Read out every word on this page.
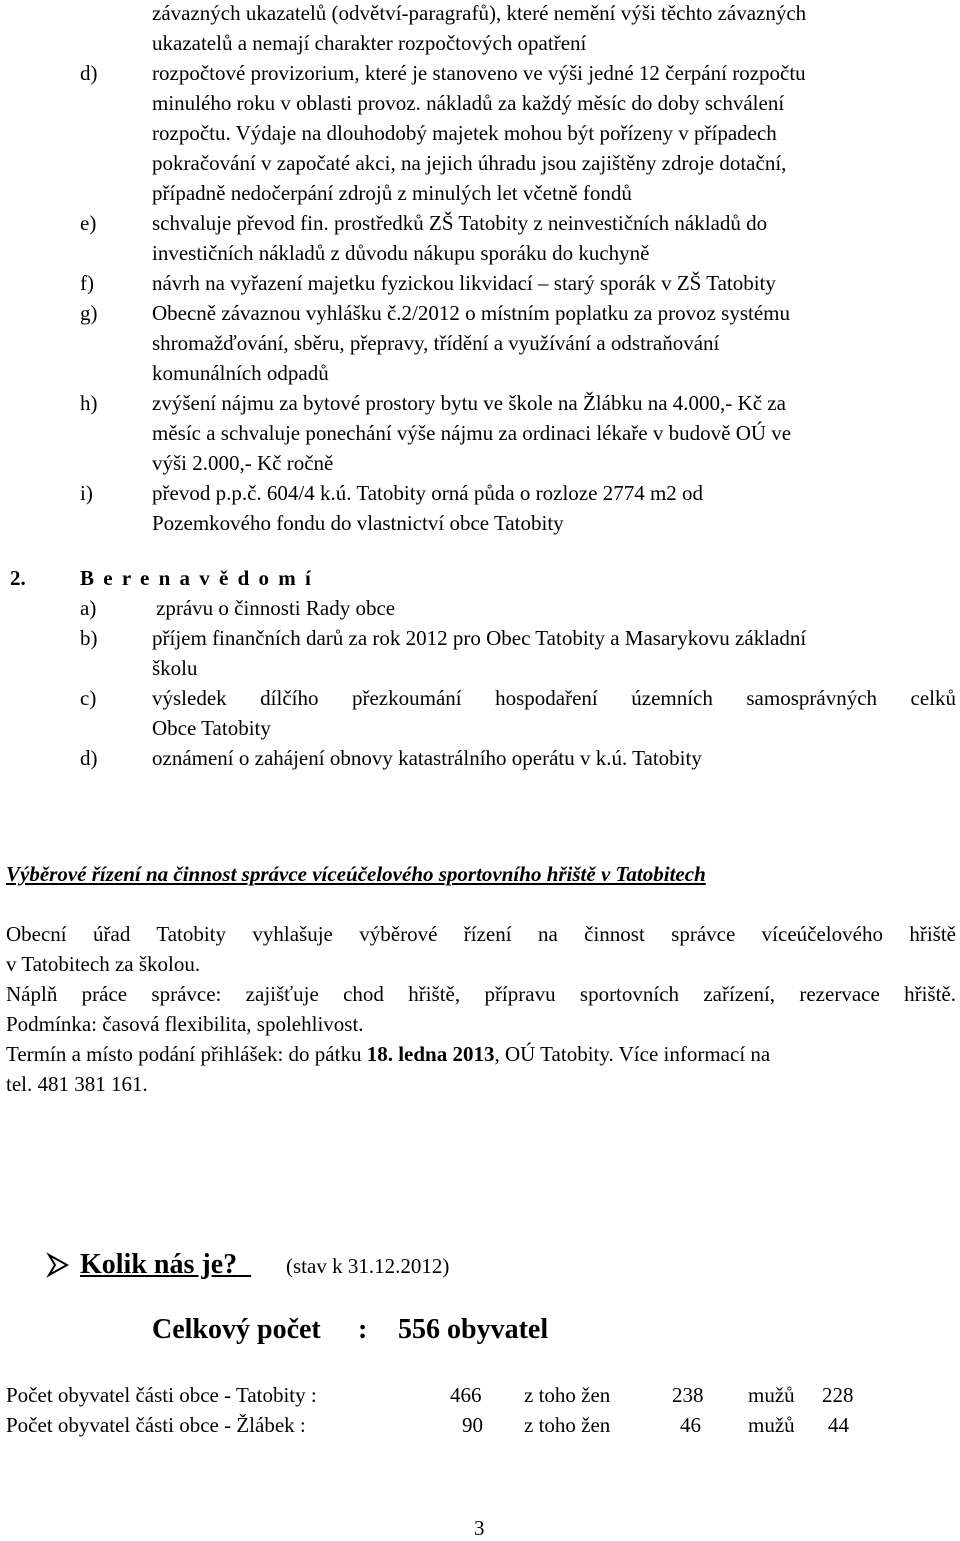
závazných ukazatelů (odvětví-paragrafů), které nemění výši těchto závazných
ukazatelů a nemají charakter rozpočtových opatření
d)	rozpočtové provizorium, které je stanoveno ve výši jedné 12 čerpání rozpočtu
minulého roku v oblasti provoz. nákladů za každý měsíc do doby schválení
rozpočtu. Výdaje na dlouhodobý majetek mohou být pořízeny v případech
pokračování v započaté akci, na jejich úhradu jsou zajištěny zdroje dotační,
případně nedočerpání zdrojů z minulých let včetně fondů
e)	schvaluje převod fin. prostředků ZŠ Tatobity z neinvestičních nákladů do
investičních nákladů z důvodu nákupu sporáku do kuchyně
f)	návrh na vyřazení majetku fyzickou likvidací – starý sporák v ZŠ Tatobity
g)	Obecně závaznou vyhlášku č.2/2012 o místním poplatku za provoz systému
shromažďování, sběru, přepravy, třídění a využívání a odstraňování
komunálních odpadů
h)	zvýšení nájmu za bytové prostory bytu ve škole na Žlábku na 4.000,- Kč za
měsíc a schvaluje ponechání výše nájmu za ordinaci lékaře v budově OÚ ve
výši 2.000,- Kč ročně
i)	převod p.p.č. 604/4 k.ú. Tatobity orná půda o rozloze 2774 m2 od
Pozemkového fondu do vlastnictví obce Tatobity
2.	B e r e n a v ě d o m í
a)	zprávu o činnosti Rady obce
b)	příjem finančních darů za rok 2012 pro Obec Tatobity a Masarykovu základní
školu
c)	výsledek dílčího přezkoumání hospodaření územních samosprávných celků
Obce Tatobity
d)	oznámení o zahájení obnovy katastrálního operátu v k.ú. Tatobity
Výběrové řízení na činnost správce víceúčelového sportovního hřiště v Tatobitech
Obecní úřad Tatobity vyhlašuje výběrové řízení na činnost správce víceúčelového hřiště
v Tatobitech za školou.
Náplň práce správce: zajišťuje chod hřiště, přípravu sportovních zařízení, rezervace hřiště.
Podmínka: časová flexibilita, spolehlivost.
Termín a místo podání přihlášek: do pátku 18. ledna 2013, OÚ Tatobity. Více informací na
tel. 481 381 161.
Kolik nás je?	(stav k 31.12.2012)
Celkový počet : 556 obyvatel
Počet obyvatel části obce - Tatobity :	466 z toho žen	238 mužů 228
Počet obyvatel části obce - Žlábek :	90 z toho žen	46 mužů 44
3
